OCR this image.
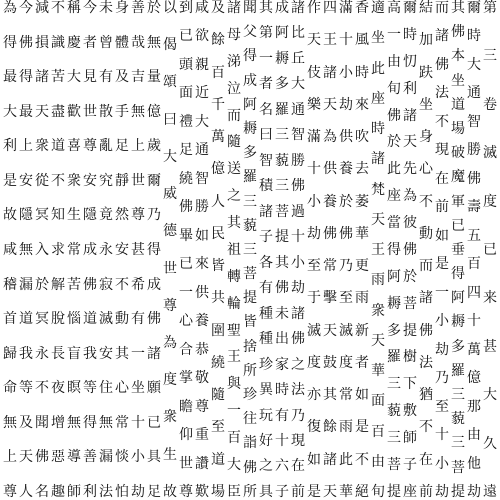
第
三
卷
滅
度
已
来
甚
大
久
遠
爾
時
大
通
智
勝
佛
壽
五
百
四
十
萬
億
那
由
他
劫
其
佛
本
坐
道
場
破
魔
軍
已
垂
得
阿
耨
多
羅
三
藐
三
菩
提
而
諸
佛
法
不
現
在
前
如
是
一
小
劫
乃
至
十
小
劫
結
加
趺
坐
身
心
不
動
而
諸
佛
法
猶
不
在
前
爾
時
忉
利
諸
天
先
為
彼
佛
於
菩
提
樹
下
敷
師
子
座
高
一
由
旬
佛
於
此
座
當
得
阿
耨
多
羅
三
藐
三
菩
提
適
坐
此
座
時
諸
梵
天
王
雨
衆
天
華
面
百
由
旬
香
風
時
來
吹
去
萎
華
更
雨
新
者
如
是
不
絕
滿
十
小
劫
供
養
於
佛
乃
至
滅
度
常
雨
此
華
四
王
諸
天
為
供
養
佛
常
擊
天
鼓
其
餘
諸
天
作
天
伎
樂
滿
十
小
劫
至
于
滅
度
亦
復
如
是
諸
比
丘
大
通
智
勝
佛
過
十
小
劫
諸
佛
之
法
乃
現
在
前
成
阿
耨
多
羅
三
藐
三
菩
提
其
佛
未
出
家
時
有
十
六
子
其
第
一
者
名
曰
智
積
諸
子
各
有
種
種
珍
異
玩
好
之
具
聞
父
得
成
阿
耨
多
羅
三
藐
三
菩
提
皆
捨
所
珍
往
詣
佛
所
諸
母
涕
泣
而
隨
送
之
其
祖
轉
輪
聖
王
與
一
百
大
臣
及
餘
百
千
萬
億
人
民
皆
共
圍
繞
隨
至
道
場
咸
欲
親
近
大
通
智
勝
如
來
供
養
恭
敬
尊
重
讚
歎
到
已
頭
面
禮
足
繞
佛
畢
已
一
心
合
掌
瞻
仰
世
尊
以
偈
頌
曰
大
威
德
世
尊
為
度
衆
生
故
於
無
量
億
歲
爾
乃
得
成
佛
諸
願
已
具
足
善
哉
吉
無
上
世
尊
甚
希
有
一
坐
十
小
劫
身
體
及
手
足
靜
然
安
不
動
其
心
常
惔
怕
未
曾
有
散
亂
究
竟
永
寂
滅
安
住
無
漏
法
今
者
見
世
尊
安
隱
成
佛
道
我
等
得
善
利
稱
慶
大
歡
喜
衆
生
常
苦
惱
盲
瞑
無
導
師
不
識
苦
盡
道
不
知
求
解
脫
長
夜
增
惡
趣
減
損
諸
天
衆
從
冥
入
於
冥
永
不
聞
佛
名
今
佛
得
最
上
安
隱
無
漏
道
我
等
及
天
人
為
得
最
大
利
是
故
咸
稽
首
歸
命
無
上
尊
